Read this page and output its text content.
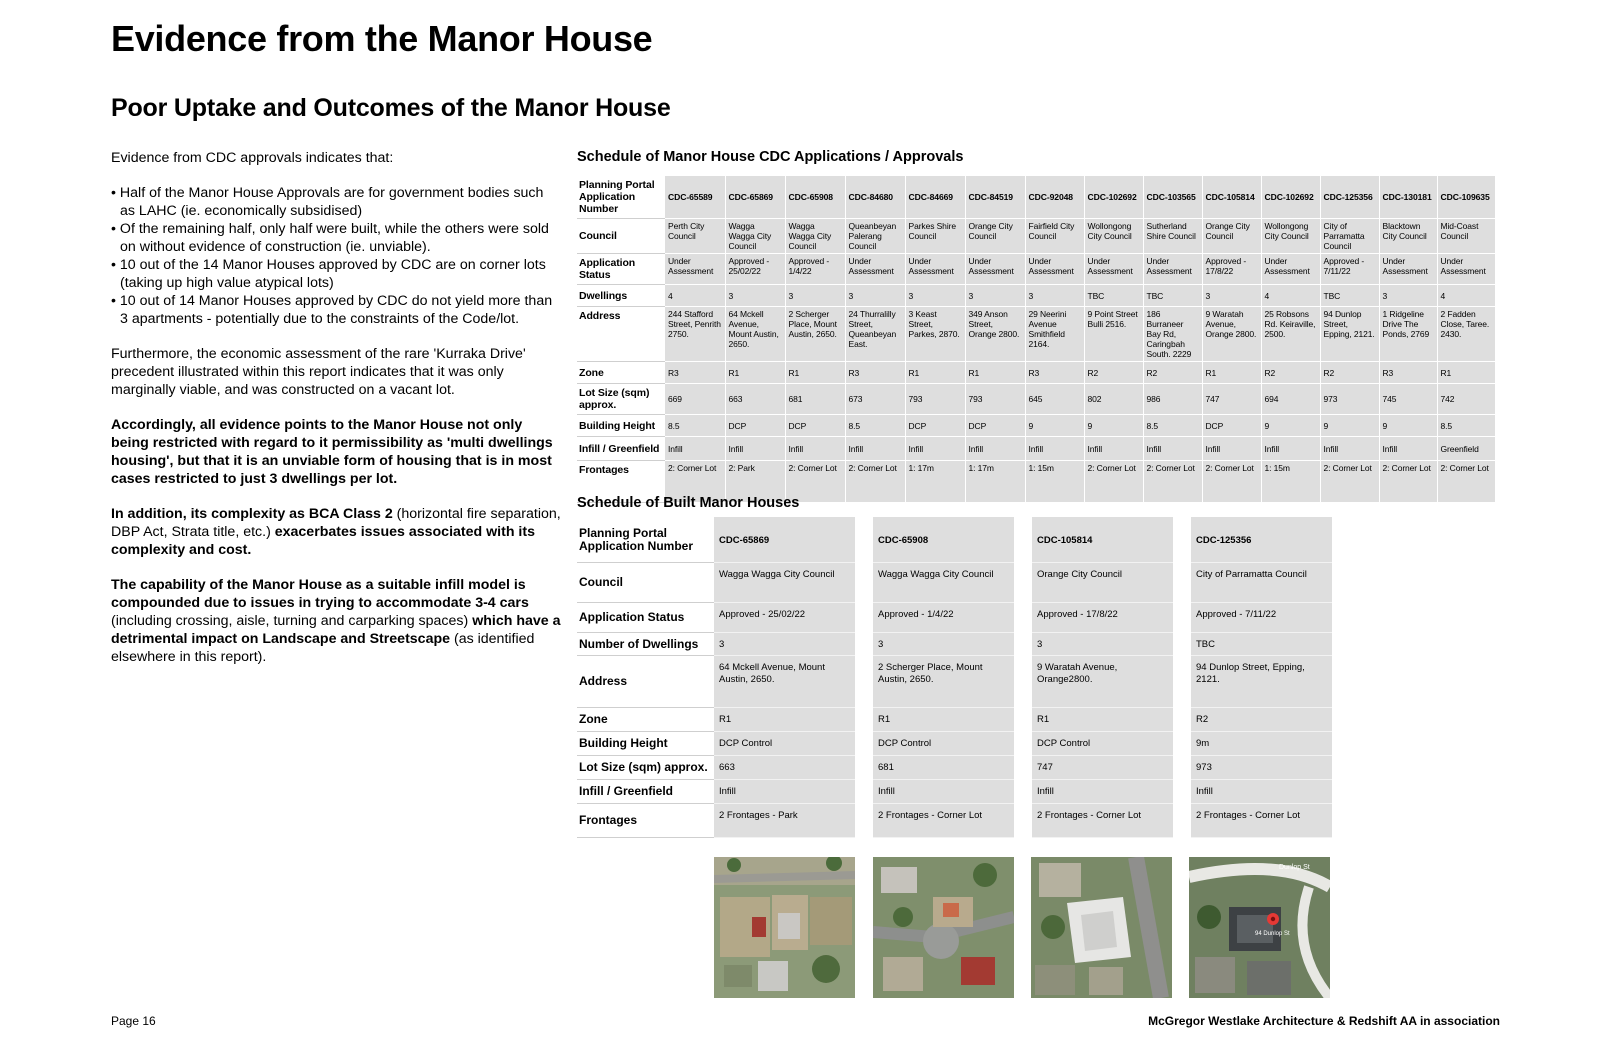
Evidence from the Manor House
Poor Uptake and Outcomes of the Manor House

Evidence from CDC approvals indicates that:

• Half of the Manor House Approvals are for government bodies such as LAHC (ie. economically subsidised)
• Of the remaining half, only half were built, while the others were sold on without evidence of construction (ie. unviable).
• 10 out of the 14 Manor Houses approved by CDC are on corner lots (taking up high value atypical lots)
• 10 out of 14 Manor Houses approved by CDC do not yield more than 3 apartments - potentially due to the constraints of the Code/lot.

Furthermore, the economic assessment of the rare 'Kurraka Drive' precedent illustrated within this report indicates that it was only marginally viable, and was constructed on a vacant lot.

Accordingly, all evidence points to the Manor House not only being restricted with regard to it permissibility as 'multi dwellings housing', but that it is an unviable form of housing that is in most cases restricted to just 3 dwellings per lot.

In addition, its complexity as BCA Class 2 (horizontal fire separation, DBP Act, Strata title, etc.) exacerbates issues associated with its complexity and cost.

The capability of the Manor House as a suitable infill model is compounded due to issues in trying to accommodate 3-4 cars (including crossing, aisle, turning and carparking spaces) which have a detrimental impact on Landscape and Streetscape (as identified elsewhere in this report).

Schedule of Manor House CDC Applications / Approvals
Planning Portal Application Number	CDC-65589	CDC-65869	CDC-65908	CDC-84680	CDC-84669	CDC-84519	CDC-92048	CDC-102692	CDC-103565	CDC-105814	CDC-102692	CDC-125356	CDC-130181	CDC-109635
Council	Perth City Council	Wagga Wagga City Council	Wagga Wagga City Council	Queanbeyan Palerang Council	Parkes Shire Council	Orange City Council	Fairfield City Council	Wollongong City Council	Sutherland Shire Council	Orange City Council	Wollongong City Council	City of Parramatta Council	Blacktown City Council	Mid-Coast Council
Application Status	Under Assessment	Approved - 25/02/22	Approved - 1/4/22	Under Assessment	Under Assessment	Under Assessment	Under Assessment	Under Assessment	Under Assessment	Approved - 17/8/22	Under Assessment	Approved - 7/11/22	Under Assessment	Under Assessment
Dwellings	4	3	3	3	3	3	3	TBC	TBC	3	4	TBC	3	4
Address	244 Stafford Street, Penrith 2750.	64 Mckell Avenue, Mount Austin, 2650.	2 Scherger Place, Mount Austin, 2650.	24 Thurralilly Street, Queanbeyan East.	3 Keast Street, Parkes, 2870.	349 Anson Street, Orange 2800.	29 Neerini Avenue Smithfield 2164.	9 Point Street Bulli 2516.	186 Burraneer Bay Rd, Caringbah South. 2229	9 Waratah Avenue, Orange 2800.	25 Robsons Rd. Keiraville, 2500.	94 Dunlop Street, Epping, 2121.	1 Ridgeline Drive The Ponds, 2769	2 Fadden Close, Taree. 2430.
Zone	R3	R1	R1	R3	R1	R1	R3	R2	R2	R1	R2	R2	R3	R1
Lot Size (sqm) approx.	669	663	681	673	793	793	645	802	986	747	694	973	745	742
Building Height	8.5	DCP	DCP	8.5	DCP	DCP	9	9	8.5	DCP	9	9	9	8.5
Infill / Greenfield	Infill	Infill	Infill	Infill	Infill	Infill	Infill	Infill	Infill	Infill	Infill	Infill	Infill	Greenfield
Frontages	2: Corner Lot	2: Park	2: Corner Lot	2: Corner Lot	1: 17m	1: 17m	1: 15m	2: Corner Lot	2: Corner Lot	2: Corner Lot	1: 15m	2: Corner Lot	2: Corner Lot	2: Corner Lot
Schedule of Built Manor Houses
Planning Portal Application Number	CDC-65869		CDC-65908		CDC-105814		CDC-125356
Council	Wagga Wagga City Council		Wagga Wagga City Council		Orange City Council		City of Parramatta Council
Application Status	Approved - 25/02/22		Approved - 1/4/22		Approved - 17/8/22		Approved - 7/11/22
Number of Dwellings	3		3		3		TBC
Address	64 Mckell Avenue, Mount Austin, 2650.		2 Scherger Place, Mount Austin, 2650.		9 Waratah Avenue, Orange2800.		94 Dunlop Street, Epping, 2121.
Zone	R1		R1		R1		R2
Building Height	DCP Control		DCP Control		DCP Control		9m
Lot Size (sqm) approx.	663		681		747		973
Infill / Greenfield	Infill		Infill		Infill		Infill
Frontages	2 Frontages - Park		2 Frontages - Corner Lot		2 Frontages - Corner Lot		2 Frontages - Corner Lot
Dunlop St
94 Dunlop St
Page 16	McGregor Westlake Architecture & Redshift AA in association
